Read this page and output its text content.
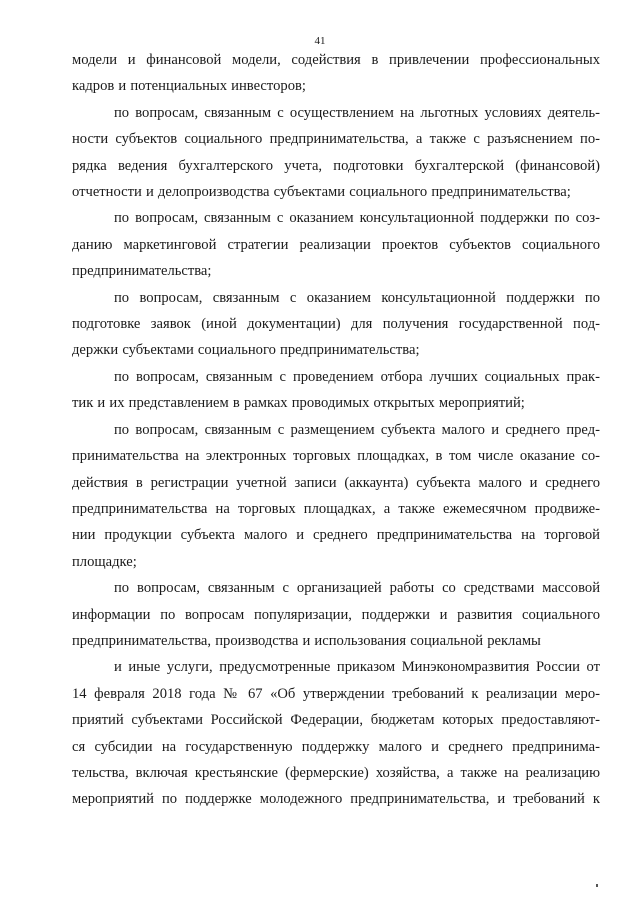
41

модели и финансовой модели, содействия в привлечении профессиональных
кадров и потенциальных инвесторов;

по вопросам, связанным с осуществлением на льготных условиях деятель-
ности субъектов социального предпринимательства, а также с разъяснением по-
рядка ведения бухгалтерского учета, подготовки бухгалтерской (финансовой)
отчетности и делопроизводства субъектами социального предпринимательства;

по вопросам, связанным с оказанием консультационной поддержки по соз-
данию маркетинговой стратегии реализации проектов субъектов социального
предпринимательства;

по вопросам, связанным с оказанием консультационной поддержки по
подготовке заявок (иной документации) для получения государственной под-
держки субъектами социального предпринимательства;

по вопросам, связанным с проведением отбора лучших социальных прак-
тик и их представлением в рамках проводимых открытых мероприятий;

по вопросам, связанным с размещением субъекта малого и среднего пред-
принимательства на электронных торговых площадках, в том числе оказание со-
действия в регистрации учетной записи (аккаунта) субъекта малого и среднего
предпринимательства на торговых площадках, а также ежемесячном продвиже-
нии продукции субъекта малого и среднего предпринимательства на торговой
площадке;

по вопросам, связанным с организацией работы со средствами массовой
информации по вопросам популяризации, поддержки и развития социального
предпринимательства, производства и использования социальной рекламы

и иные услуги, предусмотренные приказом Минэкономразвития России от
14 февраля 2018 года № 67 «Об утверждении требований к реализации меро-
приятий субъектами Российской Федерации, бюджетам которых предоставляют-
ся субсидии на государственную поддержку малого и среднего предпринима-
тельства, включая крестьянские (фермерские) хозяйства, а также на реализацию
мероприятий по поддержке молодежного предпринимательства, и требований к
